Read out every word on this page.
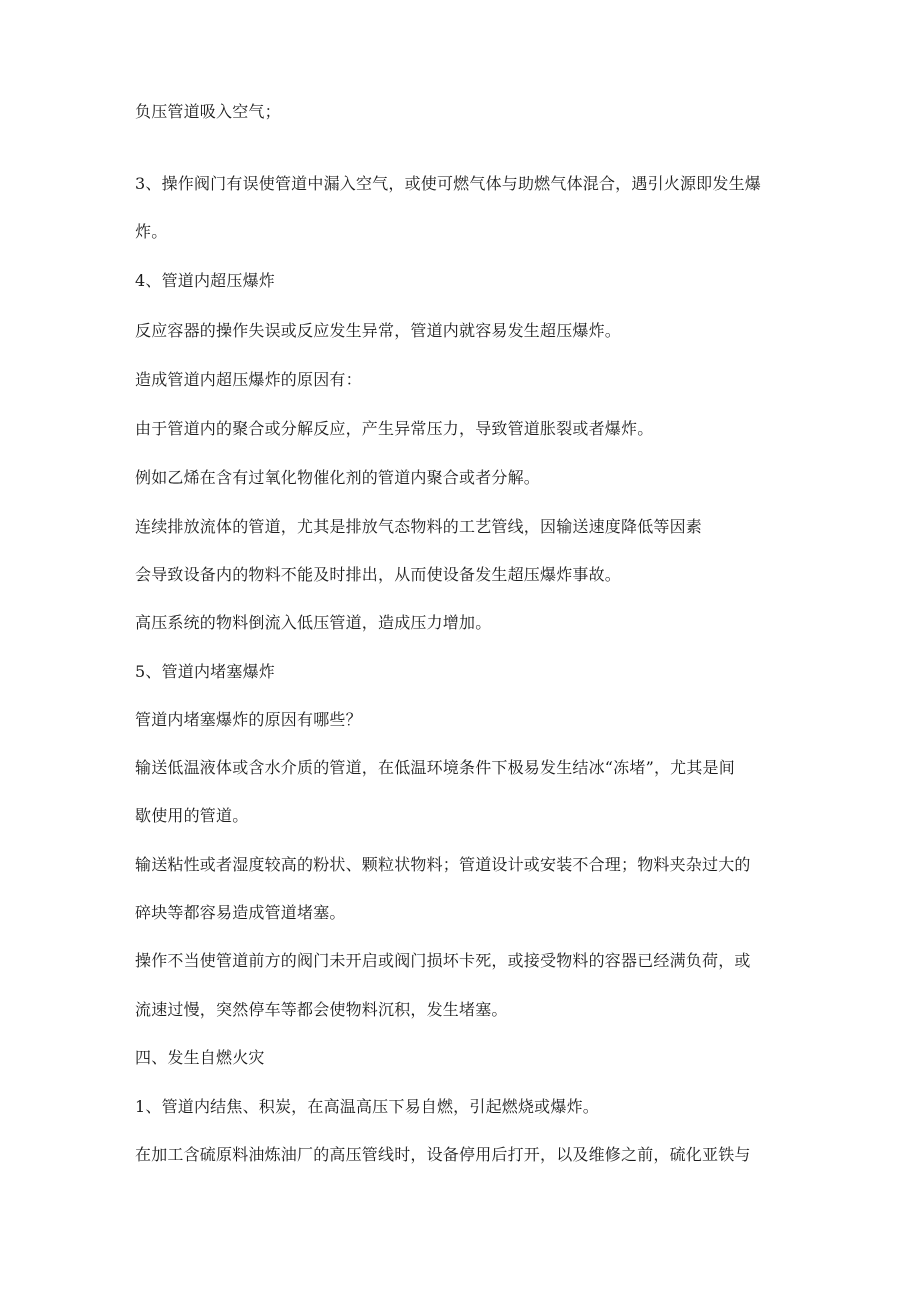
负压管道吸入空气；

3、操作阀门有误使管道中漏入空气，或使可燃气体与助燃气体混合，遇引火源即发生爆

炸。

4、管道内超压爆炸

反应容器的操作失误或反应发生异常，管道内就容易发生超压爆炸。

造成管道内超压爆炸的原因有：

由于管道内的聚合或分解反应，产生异常压力，导致管道胀裂或者爆炸。

例如乙烯在含有过氧化物催化剂的管道内聚合或者分解。

连续排放流体的管道，尤其是排放气态物料的工艺管线，因输送速度降低等因素

会导致设备内的物料不能及时排出，从而使设备发生超压爆炸事故。

高压系统的物料倒流入低压管道，造成压力增加。

5、管道内堵塞爆炸

管道内堵塞爆炸的原因有哪些？

输送低温液体或含水介质的管道，在低温环境条件下极易发生结冰“冻堵”，尤其是间

歇使用的管道。

输送粘性或者湿度较高的粉状、颗粒状物料；管道设计或安装不合理；物料夹杂过大的

碎块等都容易造成管道堵塞。

操作不当使管道前方的阀门未开启或阀门损坏卡死，或接受物料的容器已经满负荷，或

流速过慢，突然停车等都会使物料沉积，发生堵塞。

四、发生自燃火灾

1、管道内结焦、积炭，在高温高压下易自燃，引起燃烧或爆炸。

在加工含硫原料油炼油厂的高压管线时，设备停用后打开，以及维修之前，硫化亚铁与
